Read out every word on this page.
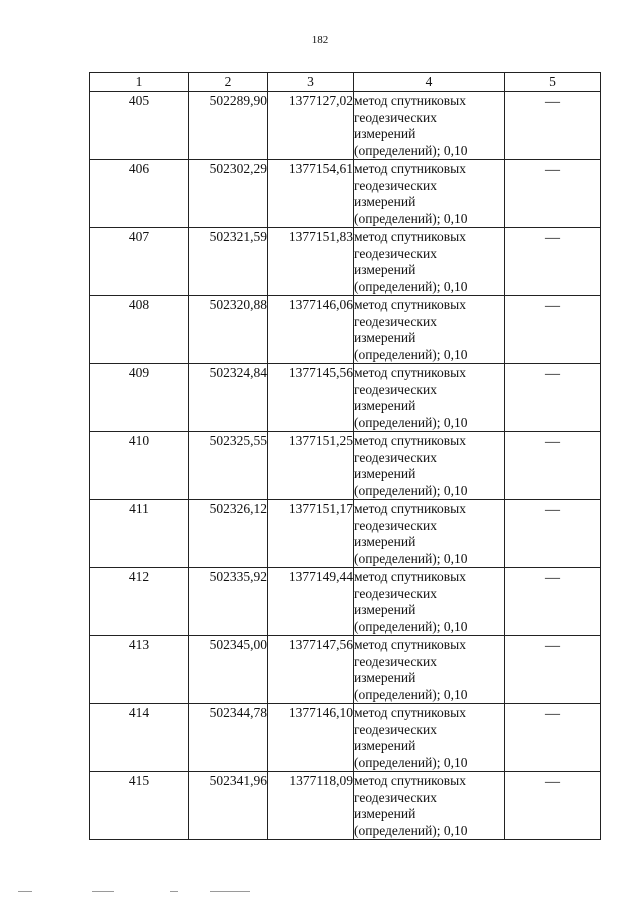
182
1	2	3	4	5
405	502289,90	1377127,02	метод спутниковых
геодезических
измерений
(определений); 0,10	—

406	502302,29	1377154,61	метод спутниковых
геодезических
измерений
(определений); 0,10	—

407	502321,59	1377151,83	метод спутниковых
геодезических
измерений
(определений); 0,10	—

408	502320,88	1377146,06	метод спутниковых
геодезических
измерений
(определений); 0,10	—

409	502324,84	1377145,56	метод спутниковых
геодезических
измерений
(определений); 0,10	—

410	502325,55	1377151,25	метод спутниковых
геодезических
измерений
(определений); 0,10	—

411	502326,12	1377151,17	метод спутниковых
геодезических
измерений
(определений); 0,10	—

412	502335,92	1377149,44	метод спутниковых
геодезических
измерений
(определений); 0,10	—

413	502345,00	1377147,56	метод спутниковых
геодезических
измерений
(определений); 0,10	—

414	502344,78	1377146,10	метод спутниковых
геодезических
измерений
(определений); 0,10	—

415	502341,96	1377118,09	метод спутниковых
геодезических
измерений
(определений); 0,10	—
